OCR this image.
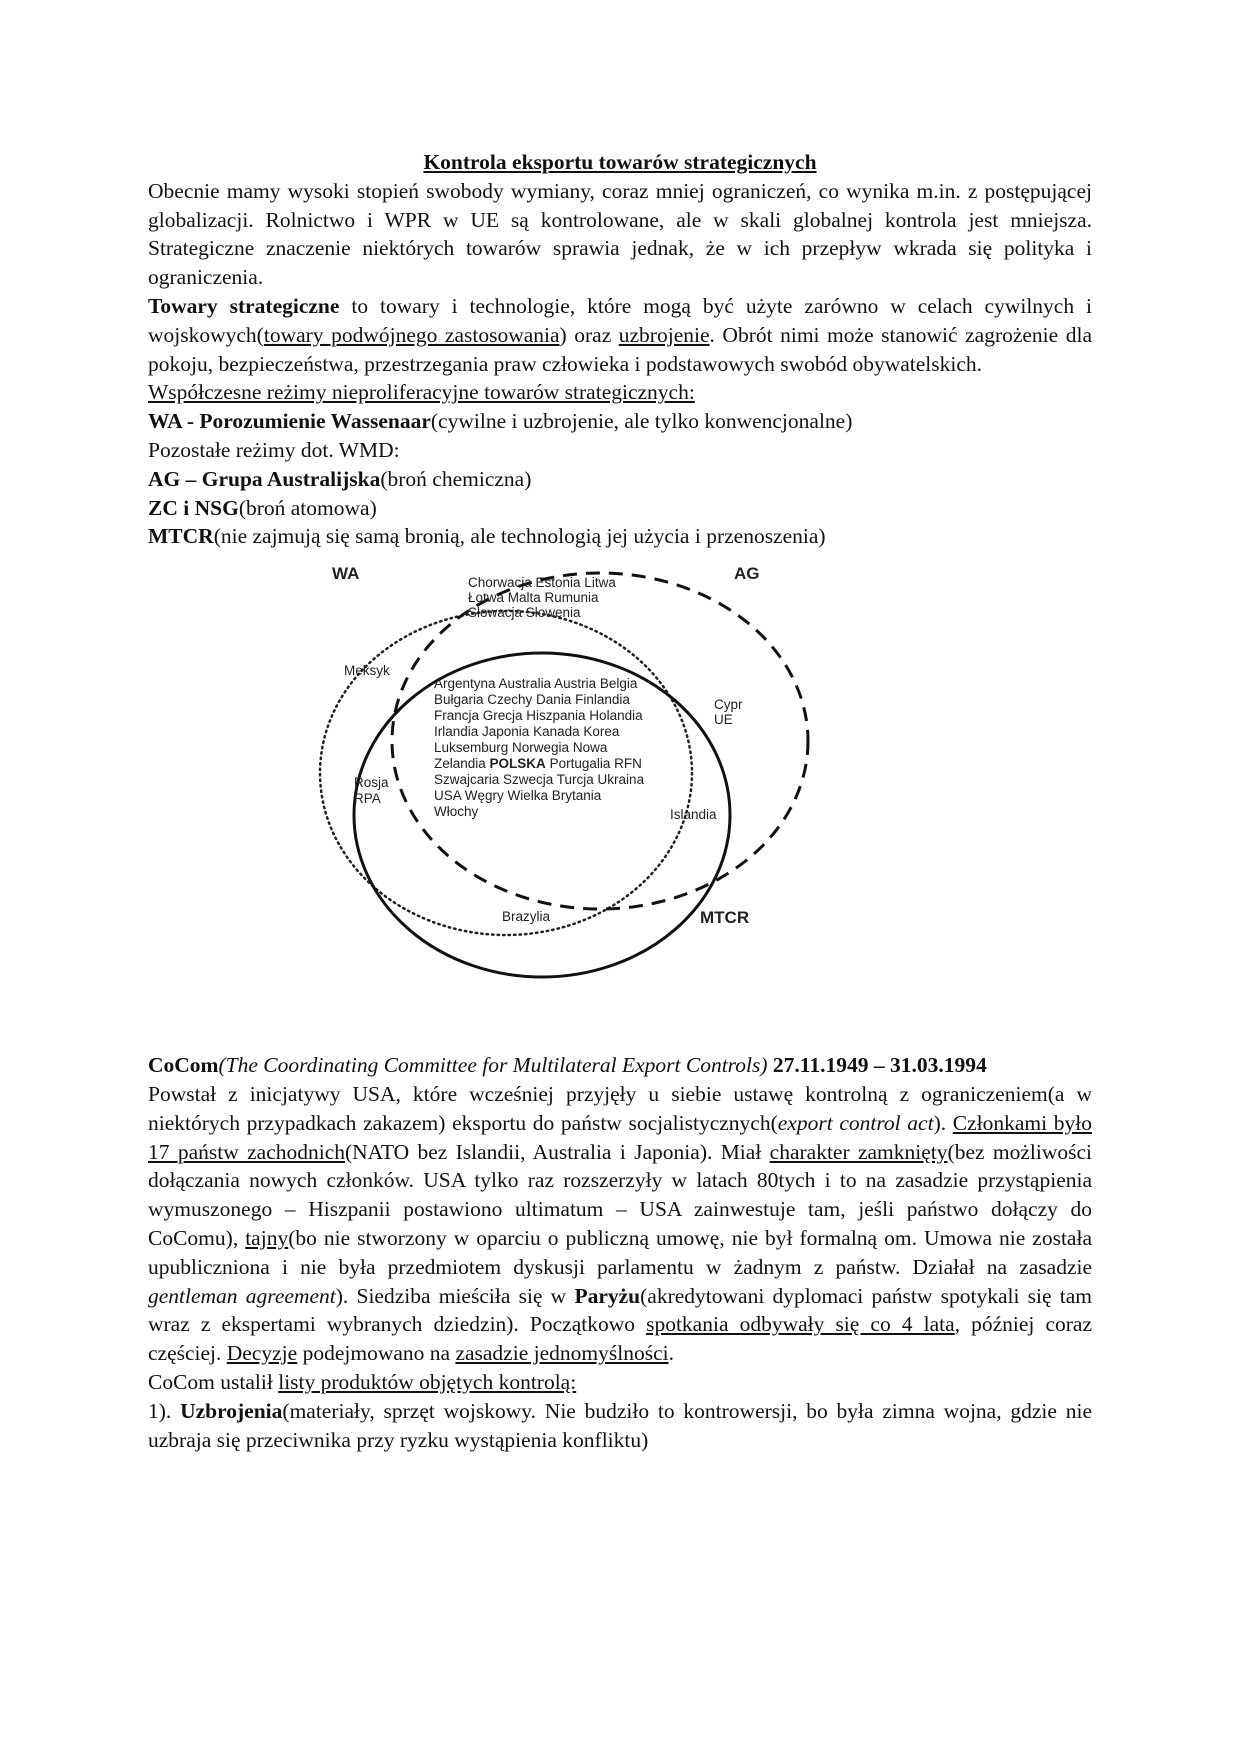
Kontrola eksportu towarów strategicznych

Obecnie mamy wysoki stopień swobody wymiany, coraz mniej ograniczeń, co wynika m.in. z postępującej globalizacji. Rolnictwo i WPR w UE są kontrolowane, ale w skali globalnej kontrola jest mniejsza. Strategiczne znaczenie niektórych towarów sprawia jednak, że w ich przepływ wkrada się polityka i ograniczenia.

Towary strategiczne to towary i technologie, które mogą być użyte zarówno w celach cywilnych i wojskowych(towary podwójnego zastosowania) oraz uzbrojenie. Obrót nimi może stanowić zagrożenie dla pokoju, bezpieczeństwa, przestrzegania praw człowieka i podstawowych swobód obywatelskich.

Współczesne reżimy nieproliferacyjne towarów strategicznych:

WA - Porozumienie Wassenaar(cywilne i uzbrojenie, ale tylko konwencjonalne)

Pozostałe reżimy dot. WMD:

AG – Grupa Australijska(broń chemiczna)

ZC i NSG(broń atomowa)

MTCR(nie zajmują się samą bronią, ale technologią jej użycia i przenoszenia)

WA	AG
MTCR
Chorwacja Estonia Litwa
Łotwa Malta Rumunia
Słowacja Słowenia
Meksyk
Argentyna Australia Austria Belgia
Bułgaria Czechy Dania Finlandia
Francja Grecja Hiszpania Holandia
Irlandia Japonia Kanada Korea
Luksemburg Norwegia Nowa
Zelandia POLSKA Portugalia RFN
Szwajcaria Szwecja Turcja Ukraina
USA Węgry Wielka Brytania
Włochy
Cypr
UE
Rosja
RPA
Islandia
Brazylia

CoCom(The Coordinating Committee for Multilateral Export Controls) 27.11.1949 – 31.03.1994

Powstał z inicjatywy USA, które wcześniej przyjęły u siebie ustawę kontrolną z ograniczeniem(a w niektórych przypadkach zakazem) eksportu do państw socjalistycznych(export control act). Członkami było 17 państw zachodnich(NATO bez Islandii, Australia i Japonia). Miał charakter zamknięty(bez możliwości dołączania nowych członków. USA tylko raz rozszerzyły w latach 80tych i to na zasadzie przystąpienia wymuszonego – Hiszpanii postawiono ultimatum – USA zainwestuje tam, jeśli państwo dołączy do CoComu), tajny(bo nie stworzony w oparciu o publiczną umowę, nie był formalną om. Umowa nie została upubliczniona i nie była przedmiotem dyskusji parlamentu w żadnym z państw. Działał na zasadzie gentleman agreement). Siedziba mieściła się w Paryżu(akredytowani dyplomaci państw spotykali się tam wraz z ekspertami wybranych dziedzin). Początkowo spotkania odbywały się co 4 lata, później coraz częściej. Decyzje podejmowano na zasadzie jednomyślności.

CoCom ustalił listy produktów objętych kontrolą:

1). Uzbrojenia(materiały, sprzęt wojskowy. Nie budziło to kontrowersji, bo była zimna wojna, gdzie nie uzbraja się przeciwnika przy ryzku wystąpienia konfliktu)
